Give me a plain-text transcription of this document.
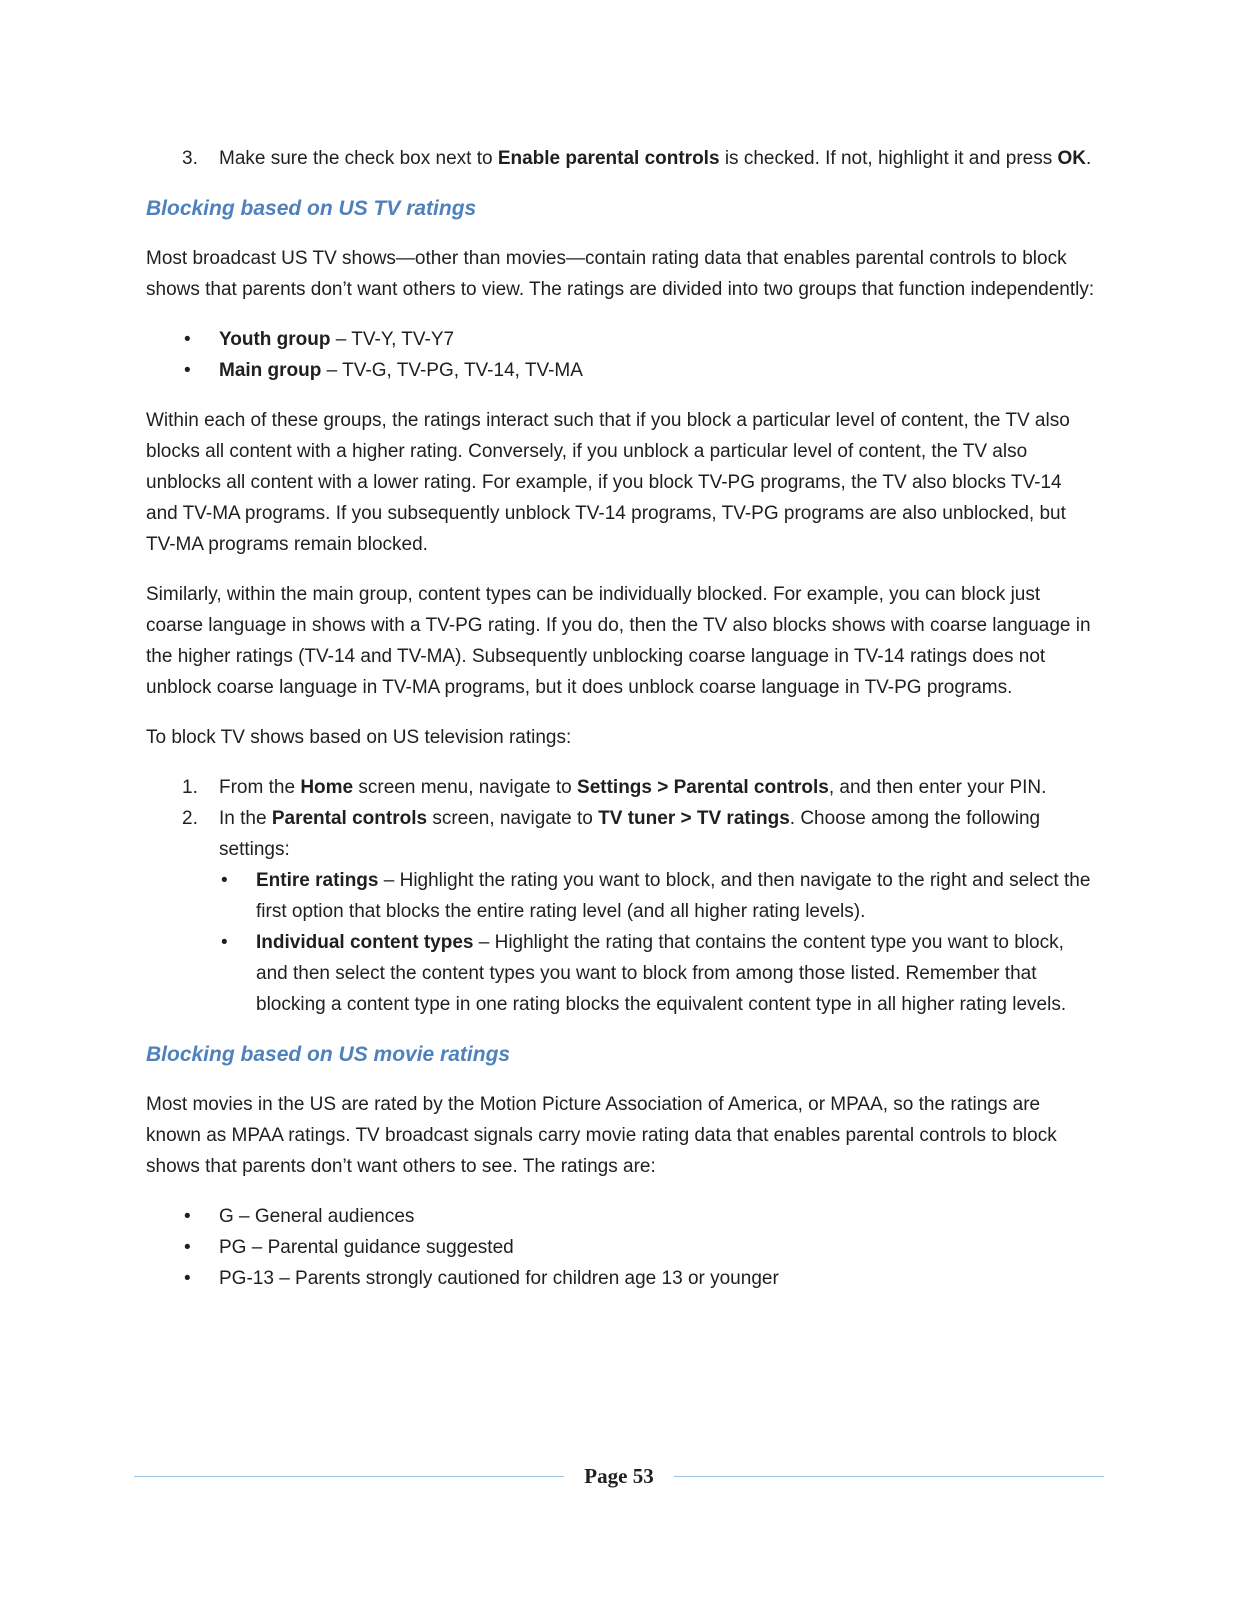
3. Make sure the check box next to Enable parental controls is checked. If not, highlight it and press OK.
Blocking based on US TV ratings

Most broadcast US TV shows—other than movies—contain rating data that enables parental controls to block shows that parents don’t want others to view. The ratings are divided into two groups that function independently:

• Youth group – TV-Y, TV-Y7
• Main group – TV-G, TV-PG, TV-14, TV-MA

Within each of these groups, the ratings interact such that if you block a particular level of content, the TV also blocks all content with a higher rating. Conversely, if you unblock a particular level of content, the TV also unblocks all content with a lower rating. For example, if you block TV-PG programs, the TV also blocks TV-14 and TV-MA programs. If you subsequently unblock TV-14 programs, TV-PG programs are also unblocked, but TV-MA programs remain blocked.

Similarly, within the main group, content types can be individually blocked. For example, you can block just coarse language in shows with a TV-PG rating. If you do, then the TV also blocks shows with coarse language in the higher ratings (TV-14 and TV-MA). Subsequently unblocking coarse language in TV-14 ratings does not unblock coarse language in TV-MA programs, but it does unblock coarse language in TV-PG programs.

To block TV shows based on US television ratings:

1. From the Home screen menu, navigate to Settings > Parental controls, and then enter your PIN.
2. In the Parental controls screen, navigate to TV tuner > TV ratings. Choose among the following settings:
• Entire ratings – Highlight the rating you want to block, and then navigate to the right and select the first option that blocks the entire rating level (and all higher rating levels).
• Individual content types – Highlight the rating that contains the content type you want to block, and then select the content types you want to block from among those listed. Remember that blocking a content type in one rating blocks the equivalent content type in all higher rating levels.
Blocking based on US movie ratings

Most movies in the US are rated by the Motion Picture Association of America, or MPAA, so the ratings are known as MPAA ratings. TV broadcast signals carry movie rating data that enables parental controls to block shows that parents don’t want others to see. The ratings are:

• G – General audiences
• PG – Parental guidance suggested
• PG-13 – Parents strongly cautioned for children age 13 or younger
Page 53
